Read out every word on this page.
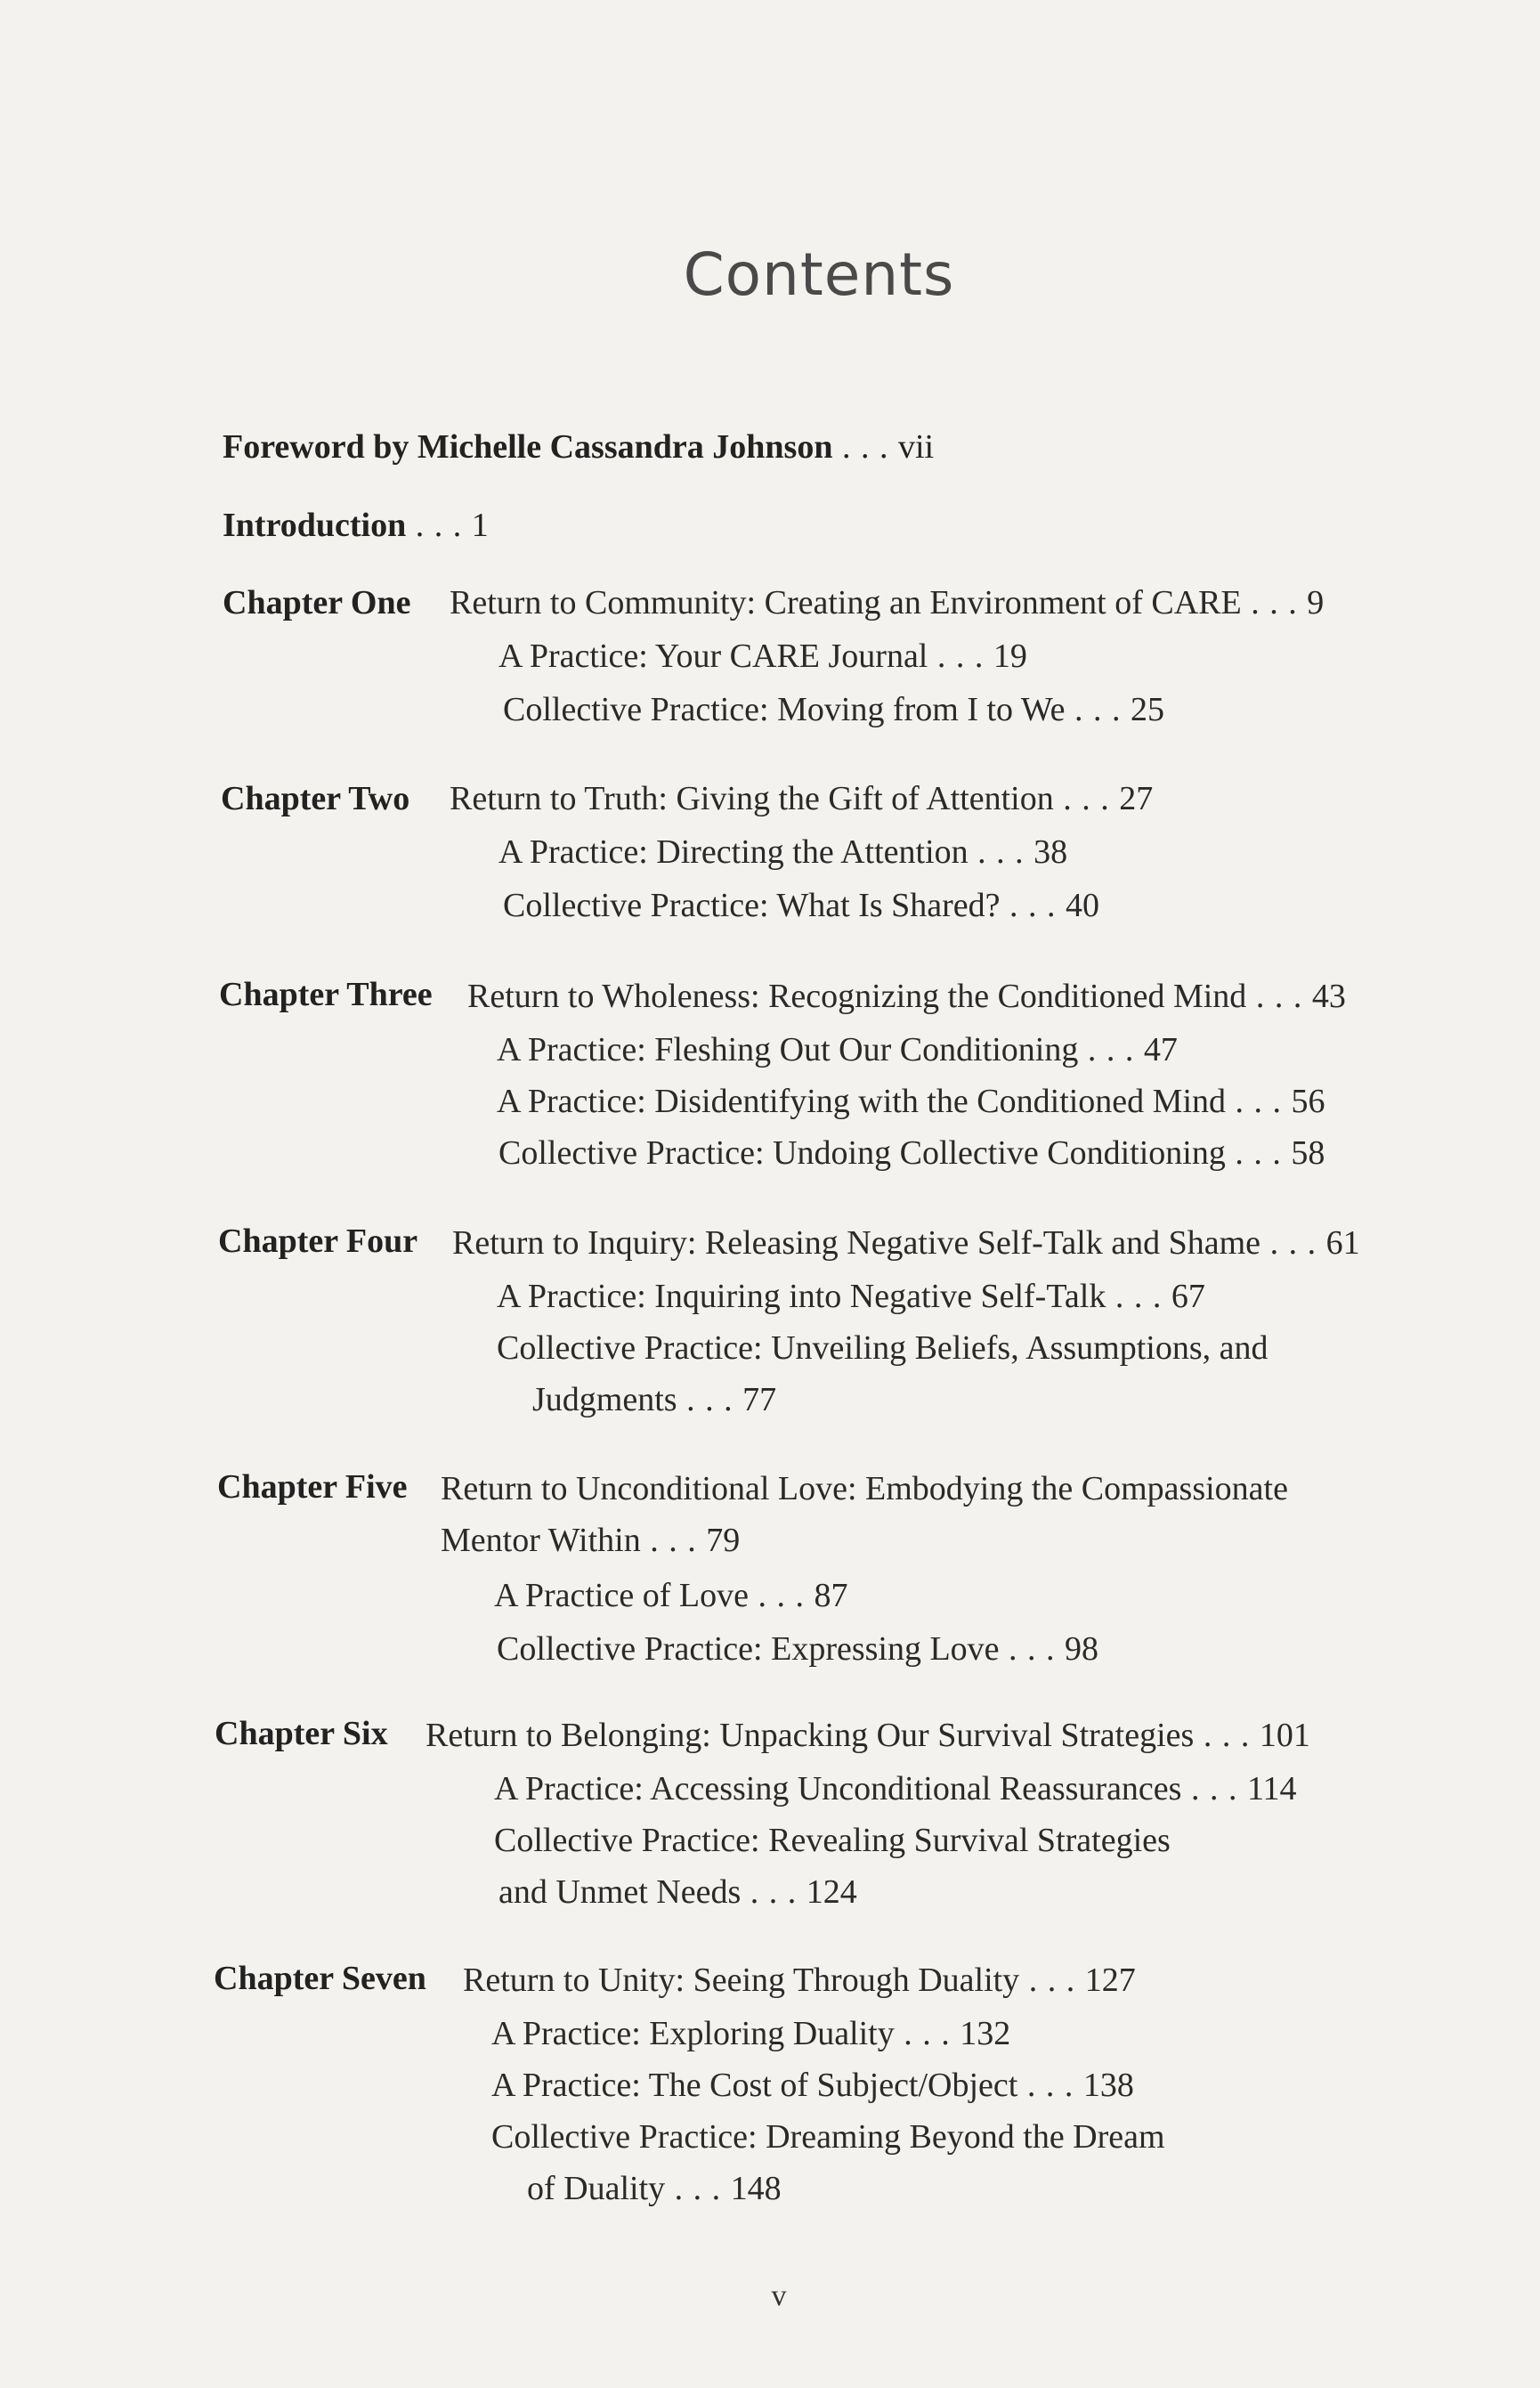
Contents
Foreword by Michelle Cassandra Johnson . . . vii
Introduction . . . 1
Chapter One Return to Community: Creating an Environment of CARE . . . 9
A Practice: Your CARE Journal . . . 19
Collective Practice: Moving from I to We . . . 25
Chapter Two Return to Truth: Giving the Gift of Attention . . . 27
A Practice: Directing the Attention . . . 38
Collective Practice: What Is Shared? . . . 40
Chapter Three Return to Wholeness: Recognizing the Conditioned Mind . . . 43
A Practice: Fleshing Out Our Conditioning . . . 47
A Practice: Disidentifying with the Conditioned Mind . . . 56
Collective Practice: Undoing Collective Conditioning . . . 58
Chapter Four Return to Inquiry: Releasing Negative Self-Talk and Shame . . . 61
A Practice: Inquiring into Negative Self-Talk . . . 67
Collective Practice: Unveiling Beliefs, Assumptions, and
Judgments . . . 77
Chapter Five Return to Unconditional Love: Embodying the Compassionate
Mentor Within . . . 79
A Practice of Love . . . 87
Collective Practice: Expressing Love . . . 98
Chapter Six Return to Belonging: Unpacking Our Survival Strategies . . . 101
A Practice: Accessing Unconditional Reassurances . . . 114
Collective Practice: Revealing Survival Strategies
and Unmet Needs . . . 124
Chapter Seven Return to Unity: Seeing Through Duality . . . 127
A Practice: Exploring Duality . . . 132
A Practice: The Cost of Subject/Object . . . 138
Collective Practice: Dreaming Beyond the Dream
of Duality . . . 148
v
